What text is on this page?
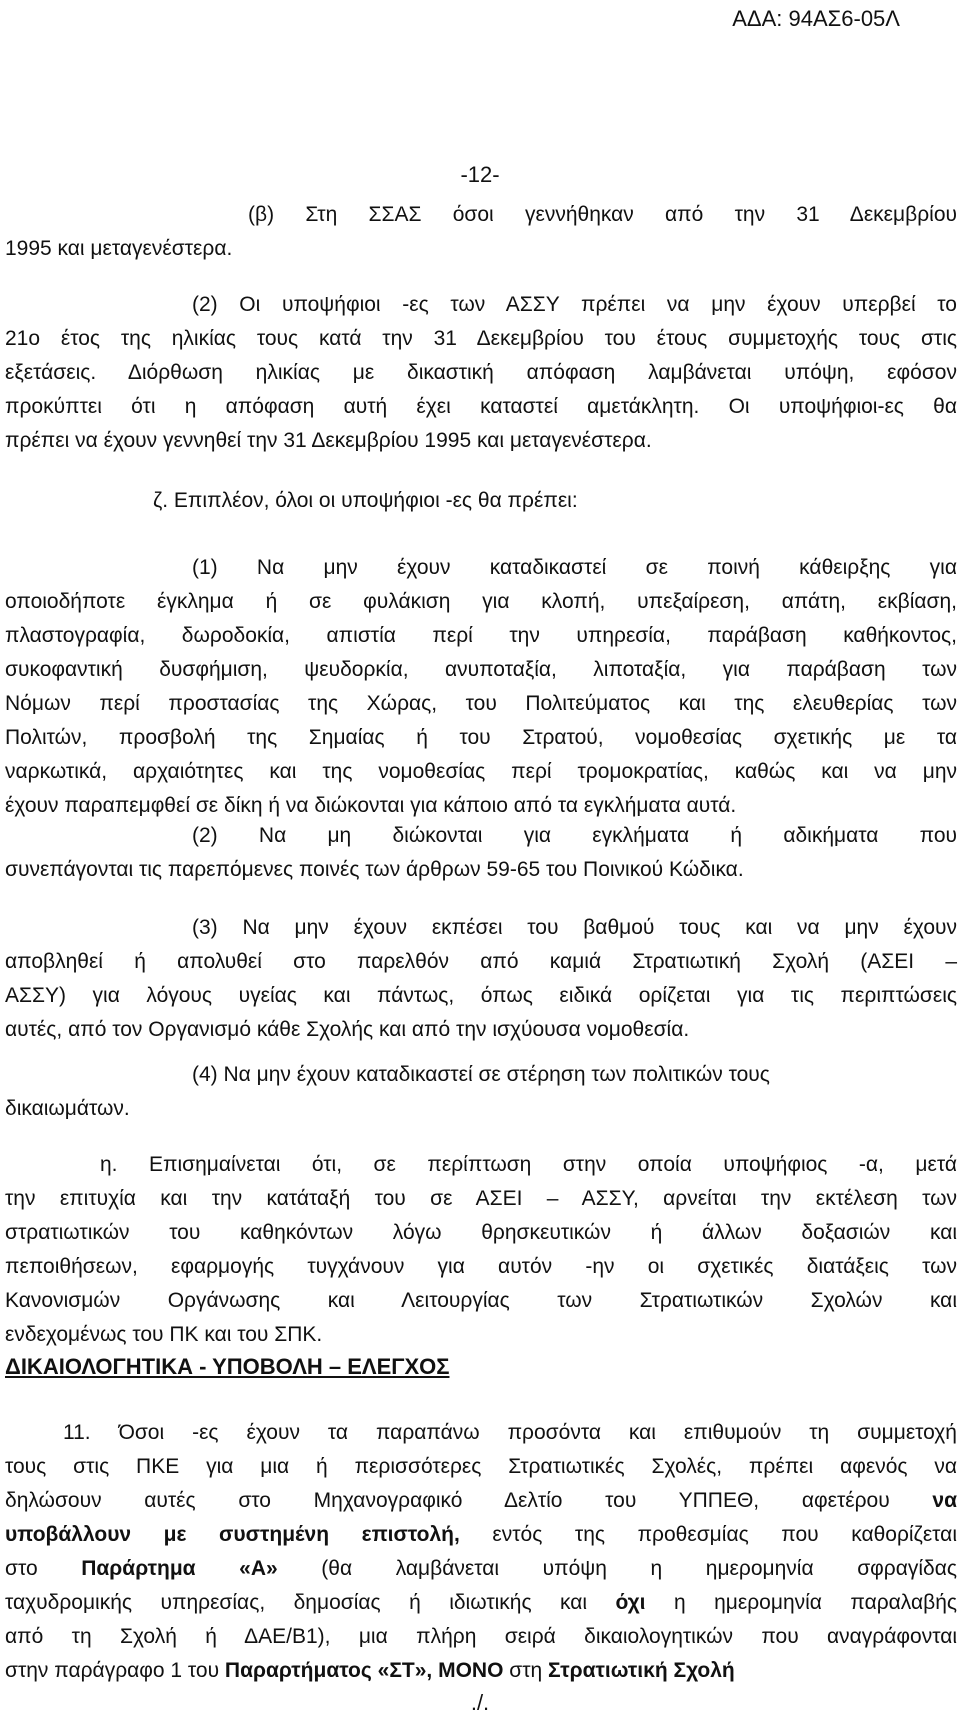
ΑΔΑ: 94ΑΣ6-05Λ
-12-
(β) Στη ΣΣΑΣ όσοι γεννήθηκαν από την 31 Δεκεμβρίου
1995 και μεταγενέστερα.
(2) Οι υποψήφιοι -ες των ΑΣΣΥ πρέπει να μην έχουν υπερβεί το
21ο έτος της ηλικίας τους κατά την 31 Δεκεμβρίου του έτους συμμετοχής τους στις
εξετάσεις. Διόρθωση ηλικίας με δικαστική απόφαση λαμβάνεται υπόψη, εφόσον
προκύπτει ότι η απόφαση αυτή έχει καταστεί αμετάκλητη. Οι υποψήφιοι-ες θα
πρέπει να έχουν γεννηθεί την 31 Δεκεμβρίου 1995 και μεταγενέστερα.
ζ. Επιπλέον, όλοι οι υποψήφιοι -ες θα πρέπει:
(1) Να μην έχουν καταδικαστεί σε ποινή κάθειρξης για
οποιοδήποτε έγκλημα ή σε φυλάκιση για κλοπή, υπεξαίρεση, απάτη, εκβίαση,
πλαστογραφία, δωροδοκία, απιστία περί την υπηρεσία, παράβαση καθήκοντος,
συκοφαντική δυσφήμιση, ψευδορκία, ανυποταξία, λιποταξία, για παράβαση των
Νόμων περί προστασίας της Χώρας, του Πολιτεύματος και της ελευθερίας των
Πολιτών, προσβολή της Σημαίας ή του Στρατού, νομοθεσίας σχετικής με τα
ναρκωτικά, αρχαιότητες και της νομοθεσίας περί τρομοκρατίας, καθώς και να μην
έχουν παραπεμφθεί σε δίκη ή να διώκονται για κάποιο από τα εγκλήματα αυτά.
(2) Να μη διώκονται για εγκλήματα ή αδικήματα που
συνεπάγονται τις παρεπόμενες ποινές των άρθρων 59-65 του Ποινικού Κώδικα.
(3) Να μην έχουν εκπέσει του βαθμού τους και να μην έχουν
αποβληθεί ή απολυθεί στο παρελθόν από καμιά Στρατιωτική Σχολή (ΑΣΕΙ –
ΑΣΣΥ) για λόγους υγείας και πάντως, όπως ειδικά ορίζεται για τις περιπτώσεις
αυτές, από τον Οργανισμό κάθε Σχολής και από την ισχύουσα νομοθεσία.
(4) Να μην έχουν καταδικαστεί σε στέρηση των πολιτικών τους
δικαιωμάτων.
η. Επισημαίνεται ότι, σε περίπτωση στην οποία υποψήφιος -α, μετά
την επιτυχία και την κατάταξή του σε ΑΣΕΙ – ΑΣΣΥ, αρνείται την εκτέλεση των
στρατιωτικών του καθηκόντων λόγω θρησκευτικών ή άλλων δοξασιών και
πεποιθήσεων, εφαρμογής τυγχάνουν για αυτόν -ην οι σχετικές διατάξεις των
Κανονισμών Οργάνωσης και Λειτουργίας των Στρατιωτικών Σχολών και
ενδεχομένως του ΠΚ και του ΣΠΚ.
ΔΙΚΑΙΟΛΟΓΗΤΙΚΑ - ΥΠΟΒΟΛΗ – ΕΛΕΓΧΟΣ
11. Όσοι -ες έχουν τα παραπάνω προσόντα και επιθυμούν τη συμμετοχή
τους στις ΠΚΕ για μια ή περισσότερες Στρατιωτικές Σχολές, πρέπει αφενός να
δηλώσουν αυτές στο Μηχανογραφικό Δελτίο του ΥΠΠΕΘ, αφετέρου να
υποβάλλουν με συστημένη επιστολή, εντός της προθεσμίας που καθορίζεται
στο Παράρτημα «Α» (θα λαμβάνεται υπόψη η ημερομηνία σφραγίδας
ταχυδρομικής υπηρεσίας, δημοσίας ή ιδιωτικής και όχι η ημερομηνία παραλαβής
από τη Σχολή ή ΔΑΕ/Β1), μια πλήρη σειρά δικαιολογητικών που αναγράφονται
στην παράγραφο 1 του Παραρτήματος «ΣΤ», ΜΟΝΟ στη Στρατιωτική Σχολή
./.
